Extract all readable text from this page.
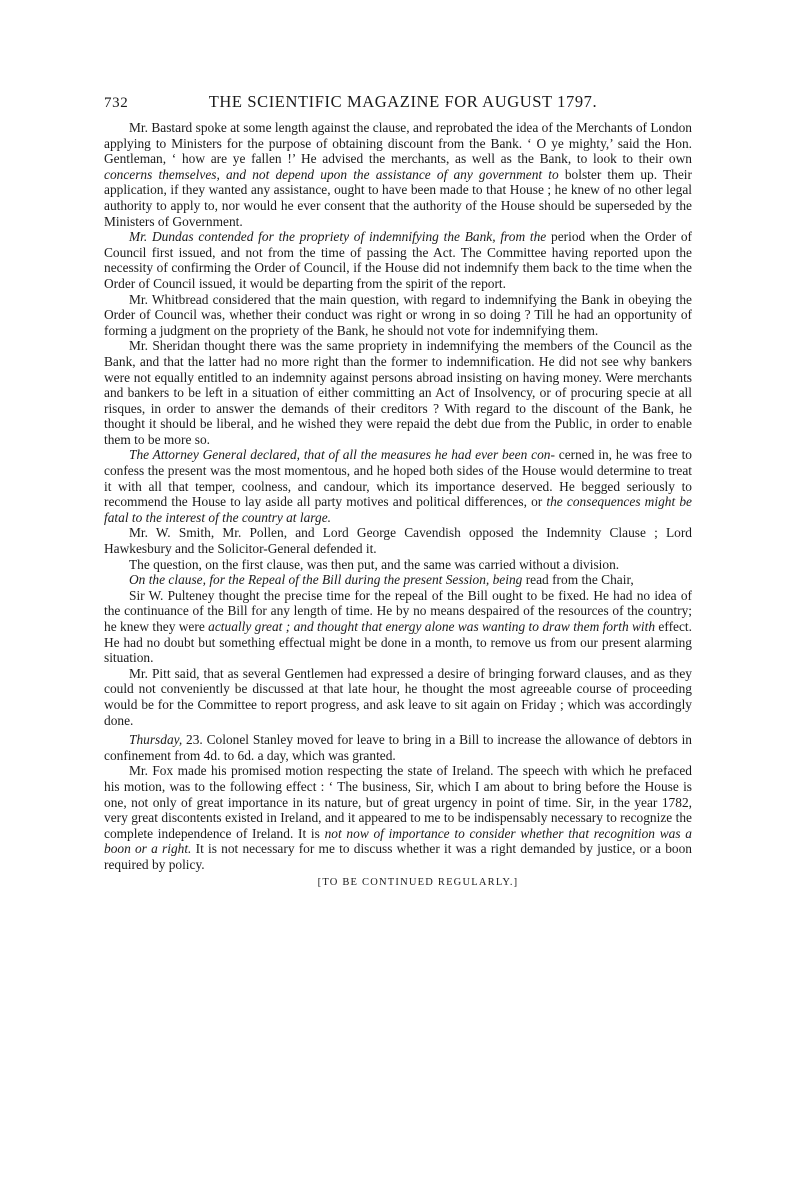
732	THE SCIENTIFIC MAGAZINE FOR AUGUST 1797.

Mr. Bastard spoke at some length against the clause, and reprobated the idea of the Merchants of London applying to Ministers for the purpose of obtaining discount from the Bank. ‘ O ye mighty,’ said the Hon. Gentleman, ‘ how are ye fallen !’ He advised the merchants, as well as the Bank, to look to their own concerns themselves, and not depend upon the assistance of any government to bolster them up. Their application, if they wanted any assistance, ought to have been made to that House ; he knew of no other legal authority to apply to, nor would he ever consent that the authority of the House should be superseded by the Ministers of Government.

Mr. Dundas contended for the propriety of indemnifying the Bank, from the period when the Order of Council first issued, and not from the time of passing the Act. The Committee having reported upon the necessity of confirming the Order of Council, if the House did not indemnify them back to the time when the Order of Council issued, it would be departing from the spirit of the report.

Mr. Whitbread considered that the main question, with regard to indemnifying the Bank in obeying the Order of Council was, whether their conduct was right or wrong in so doing ? Till he had an opportunity of forming a judgment on the propriety of the Bank, he should not vote for indemnifying them.

Mr. Sheridan thought there was the same propriety in indemnifying the members of the Council as the Bank, and that the latter had no more right than the former to indemnification. He did not see why bankers were not equally entitled to an indemnity against persons abroad insisting on having money. Were merchants and bankers to be left in a situation of either committing an Act of Insolvency, or of procuring specie at all risques, in order to answer the demands of their creditors ? With regard to the discount of the Bank, he thought it should be liberal, and he wished they were repaid the debt due from the Public, in order to enable them to be more so.

The Attorney General declared, that of all the measures he had ever been con- cerned in, he was free to confess the present was the most momentous, and he hoped both sides of the House would determine to treat it with all that temper, coolness, and candour, which its importance deserved. He begged seriously to recommend the House to lay aside all party motives and political differences, or the consequences might be fatal to the interest of the country at large.

Mr. W. Smith, Mr. Pollen, and Lord George Cavendish opposed the Indemnity Clause ; Lord Hawkesbury and the Solicitor-General defended it.

The question, on the first clause, was then put, and the same was carried without a division.

On the clause, for the Repeal of the Bill during the present Session, being read from the Chair,

Sir W. Pulteney thought the precise time for the repeal of the Bill ought to be fixed. He had no idea of the continuance of the Bill for any length of time. He by no means despaired of the resources of the country; he knew they were actually great ; and thought that energy alone was wanting to draw them forth with effect. He had no doubt but something effectual might be done in a month, to remove us from our present alarming situation.

Mr. Pitt said, that as several Gentlemen had expressed a desire of bringing forward clauses, and as they could not conveniently be discussed at that late hour, he thought the most agreeable course of proceeding would be for the Committee to report progress, and ask leave to sit again on Friday ; which was accordingly done.

Thursday, 23. Colonel Stanley moved for leave to bring in a Bill to increase the allowance of debtors in confinement from 4d. to 6d. a day, which was granted.

Mr. Fox made his promised motion respecting the state of Ireland. The speech with which he prefaced his motion, was to the following effect : ‘ The business, Sir, which I am about to bring before the House is one, not only of great importance in its nature, but of great urgency in point of time. Sir, in the year 1782, very great discontents existed in Ireland, and it appeared to me to be indispensably necessary to recognize the complete independence of Ireland. It is not now of importance to consider whether that recognition was a boon or a right. It is not necessary for me to discuss whether it was a right demanded by justice, or a boon required by policy.

[TO BE CONTINUED REGULARLY.]
